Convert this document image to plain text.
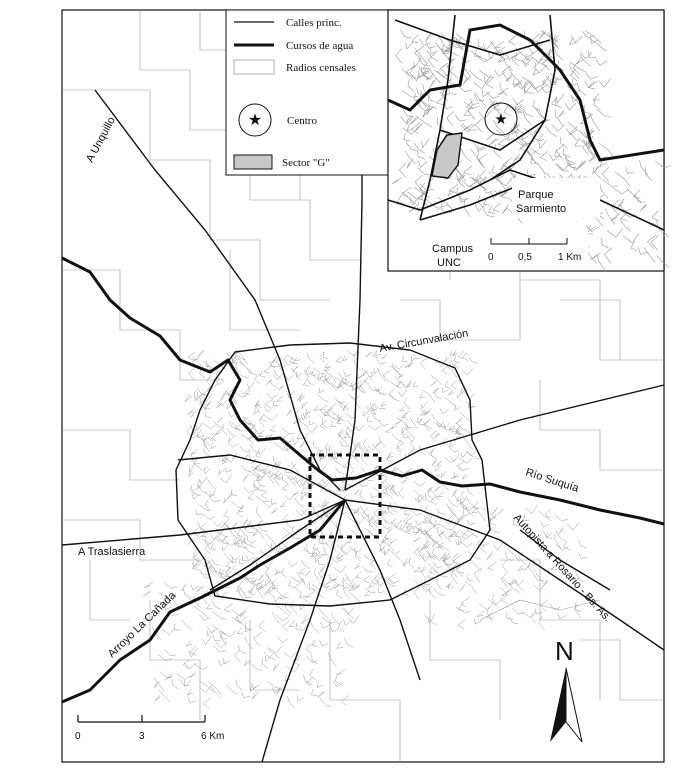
A Unquillo
Av. Circunvalación
Río Suquía
Autopista a Rosario - Bs. As.
A Traslasierra
Arroyo La Cañada
Calles princ.
Cursos de agua
Radios censales
★ Centro
Sector "G"
★
Parque
Sarmiento
Campus
UNC	0 0,5	1 Km
0	3	6 Km
N
